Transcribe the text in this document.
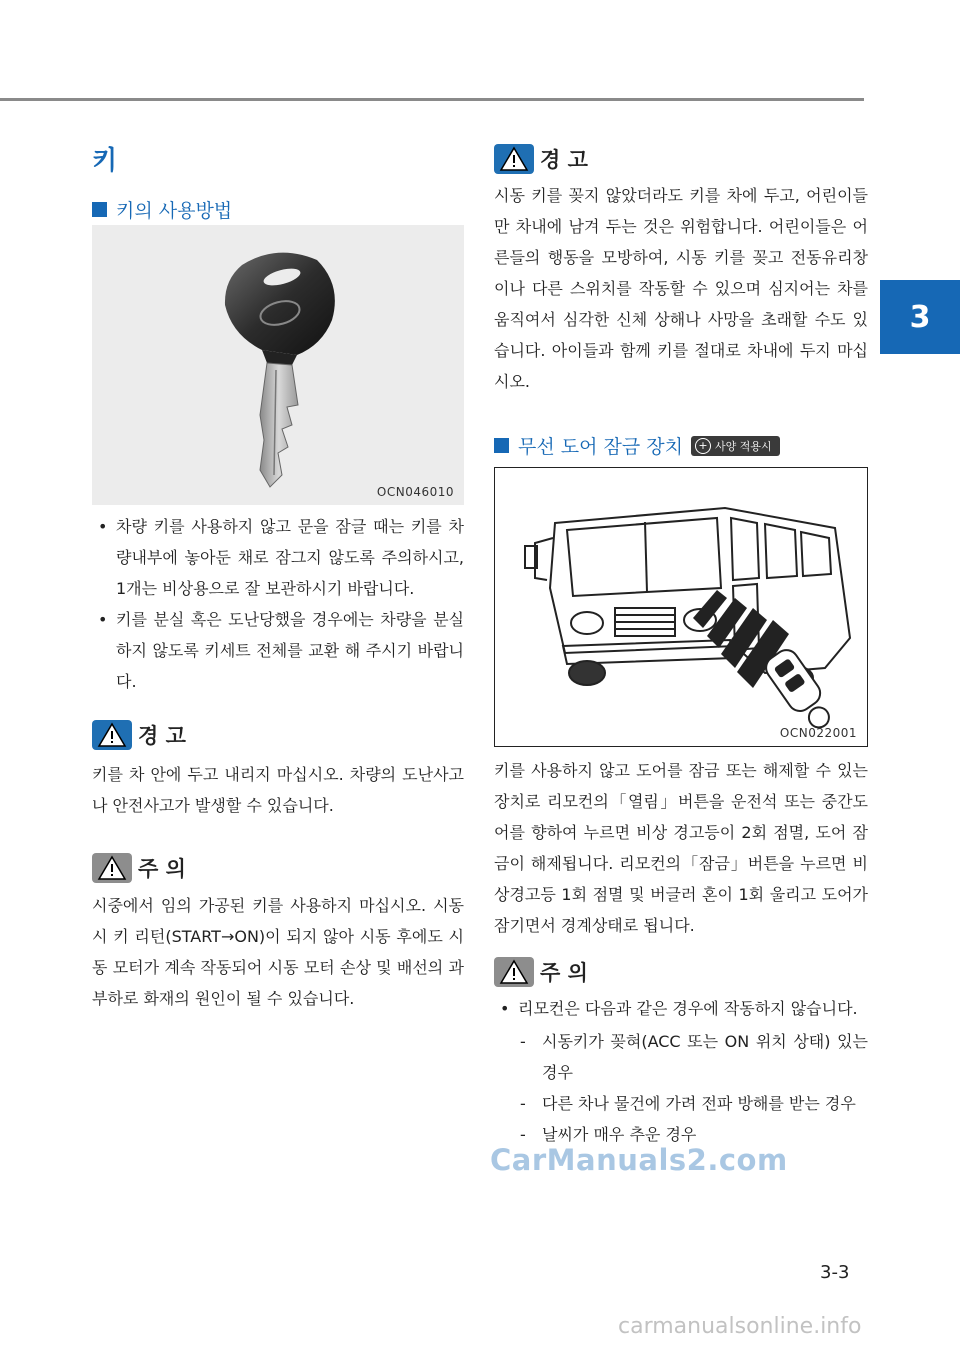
3
키
키의 사용방법
OCN046010
• 차량 키를 사용하지 않고 문을 잠글 때는 키를 차량내부에 놓아둔 채로 잠그지 않도록 주의하시고, 1개는 비상용으로 잘 보관하시기 바랍니다.
• 키를 분실 혹은 도난당했을 경우에는 차량을 분실하지 않도록 키세트 전체를 교환 해 주시기 바랍니다.
경 고

키를 차 안에 두고 내리지 마십시오. 차량의 도난사고나 안전사고가 발생할 수 있습니다.

주 의

시중에서 임의 가공된 키를 사용하지 마십시오. 시동시 키 리턴(START→ON)이 되지 않아 시동 후에도 시동 모터가 계속 작동되어 시동 모터 손상 및 배선의 과부하로 화재의 원인이 될 수 있습니다.

경 고

시동 키를 꽂지 않았더라도 키를 차에 두고, 어린이들만 차내에 남겨 두는 것은 위험합니다. 어린이들은 어른들의 행동을 모방하여, 시동 키를 꽂고 전동유리창이나 다른 스위치를 작동할 수 있으며 심지어는 차를 움직여서 심각한 신체 상해나 사망을 초래할 수도 있습니다. 아이들과 함께 키를 절대로 차내에 두지 마십시오.

무선 도어 잠금 장치	+ 사양 적용시
OCN022001

키를 사용하지 않고 도어를 잠금 또는 해제할 수 있는 장치로 리모컨의「열림」버튼을 운전석 또는 중간도어를 향하여 누르면 비상 경고등이 2회 점멸, 도어 잠금이 해제됩니다. 리모컨의「잠금」버튼을 누르면 비상경고등 1회 점멸 및 버글러 혼이 1회 울리고 도어가 잠기면서 경계상태로 됩니다.

주 의
• 리모컨은 다음과 같은 경우에 작동하지 않습니다.
- 시동키가 꽂혀(ACC 또는 ON 위치 상태) 있는 경우
- 다른 차나 물건에 가려 전파 방해를 받는 경우
- 날씨가 매우 추운 경우
CarManuals2.com
3-3
carmanualsonline.info
